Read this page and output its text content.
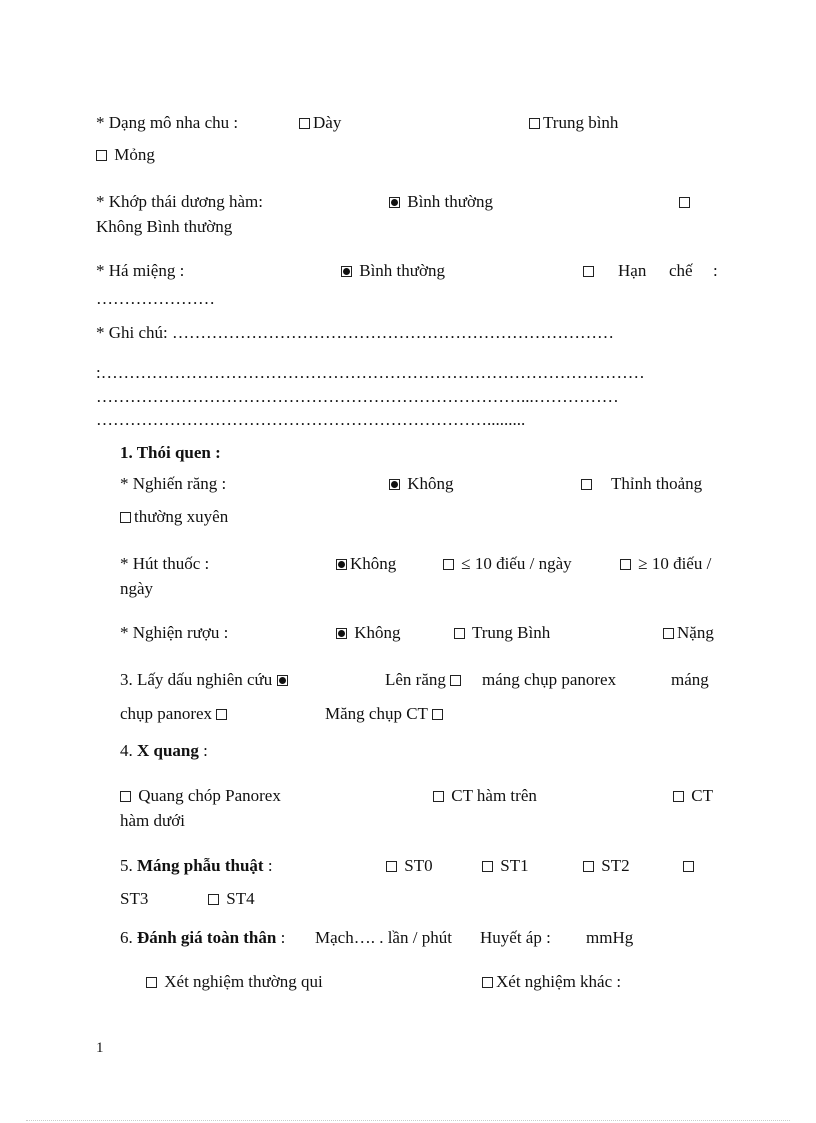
* Dạng mô nha chu :	Dày	Trung bình
Mỏng
* Khớp thái dương hàm:	Bình thường
Không Bình thường
* Há miệng :	Bình thường	Hạn chế :
…………………
* Ghi chú: ……………………………………………………………………
:……………………………………………………………………………………
…………………………………………………………………...……………
…………………………………………………………….........
1. Thói quen :
* Nghiến răng :	Không	Thỉnh thoảng
thường xuyên
* Hút thuốc :	Không	≤ 10 điếu / ngày	≥ 10 điếu /
ngày
* Nghiện rượu :	Không	Trung Bình	Nặng
3. Lấy dấu nghiên cứu	Lên răng	máng chụp panorex	máng
chụp panorex	Măng chụp CT
4. X quang :
Quang chóp Panorex	CT hàm trên	CT
hàm dưới
5. Máng phẫu thuật :	ST0	ST1	ST2
ST3	ST4
6. Đánh giá toàn thân : Mạch…. . lần / phút Huyết áp : mmHg
Xét nghiệm thường qui	Xét nghiệm khác :
1
